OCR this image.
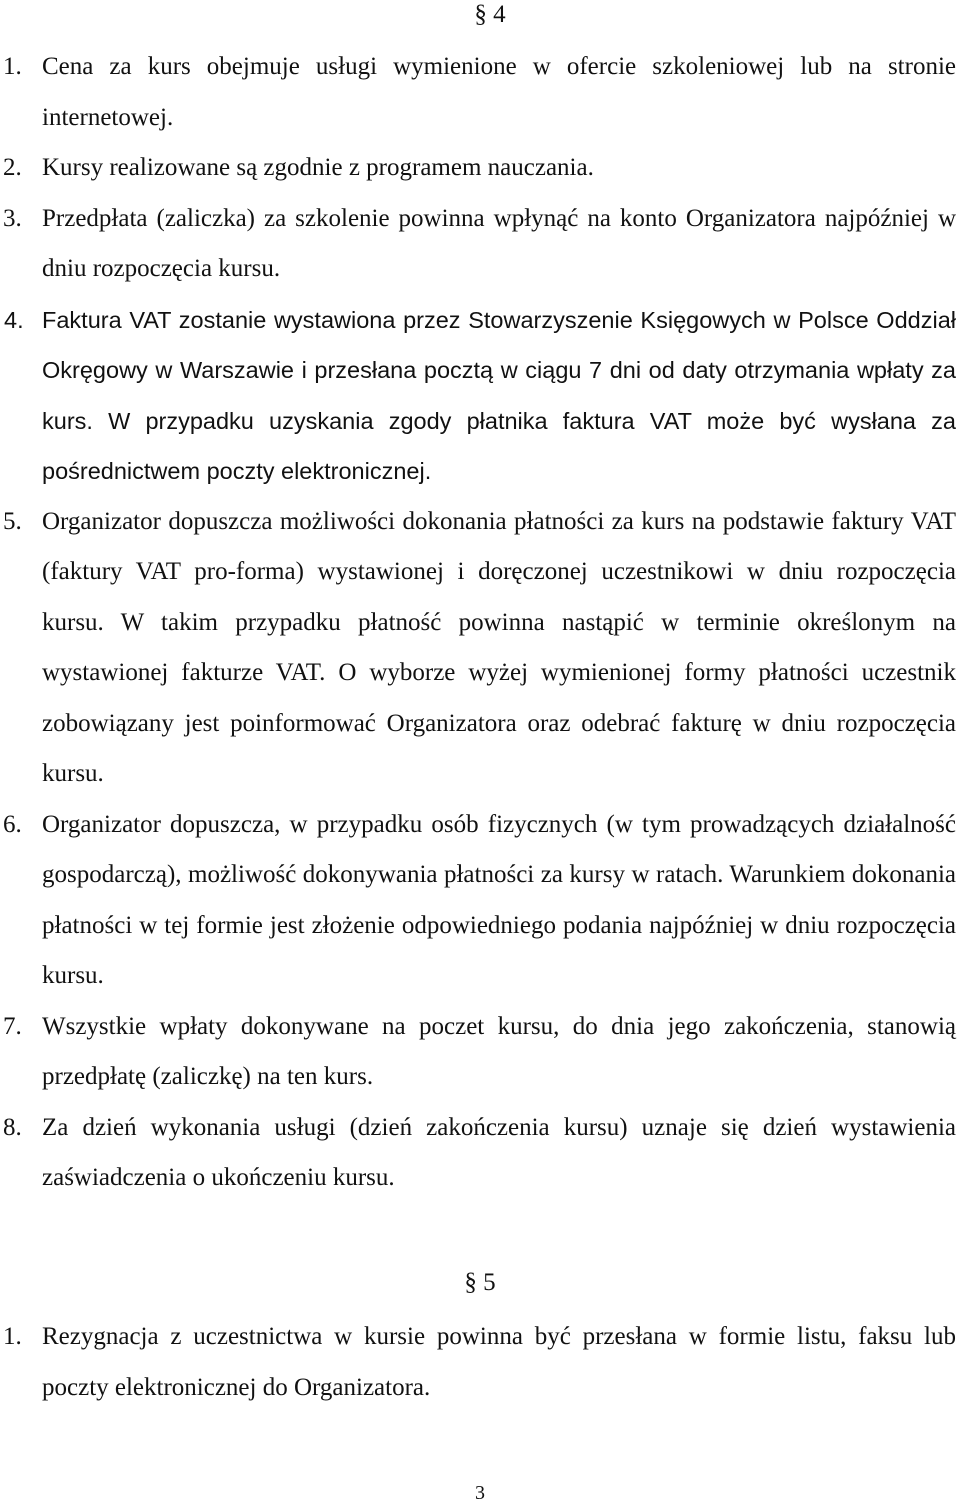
§ 4
1. Cena za kurs obejmuje usługi wymienione w ofercie szkoleniowej lub na stronie internetowej.
2. Kursy realizowane są zgodnie z programem nauczania.
3. Przedpłata (zaliczka) za szkolenie powinna wpłynąć na konto Organizatora najpóźniej w dniu rozpoczęcia kursu.
4. Faktura VAT zostanie wystawiona przez Stowarzyszenie Księgowych w Polsce Oddział Okręgowy w Warszawie i przesłana pocztą w ciągu 7 dni od daty otrzymania wpłaty za kurs. W przypadku uzyskania zgody płatnika faktura VAT może być wysłana za pośrednictwem poczty elektronicznej.
5. Organizator dopuszcza możliwości dokonania płatności za kurs na podstawie faktury VAT (faktury VAT pro-forma) wystawionej i doręczonej uczestnikowi w dniu rozpoczęcia kursu. W takim przypadku płatność powinna nastąpić w terminie określonym na wystawionej fakturze VAT. O wyborze wyżej wymienionej formy płatności uczestnik zobowiązany jest poinformować Organizatora oraz odebrać fakturę w dniu rozpoczęcia kursu.
6. Organizator dopuszcza, w przypadku osób fizycznych (w tym prowadzących działalność gospodarczą), możliwość dokonywania płatności za kursy w ratach. Warunkiem dokonania płatności w tej formie jest złożenie odpowiedniego podania najpóźniej w dniu rozpoczęcia kursu.
7. Wszystkie wpłaty dokonywane na poczet kursu, do dnia jego zakończenia, stanowią przedpłatę (zaliczkę) na ten kurs.
8. Za dzień wykonania usługi (dzień zakończenia kursu) uznaje się dzień wystawienia zaświadczenia o ukończeniu kursu.
§ 5
1. Rezygnacja z uczestnictwa w kursie powinna być przesłana w formie listu, faksu lub poczty elektronicznej do Organizatora.
3
